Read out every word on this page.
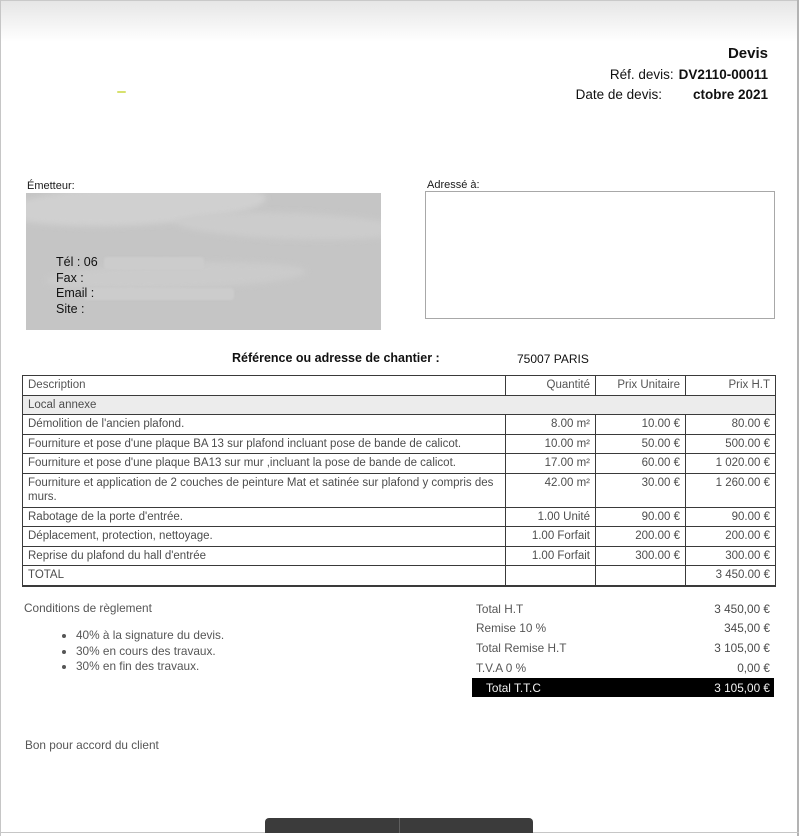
Devis
Réf. devis: DV2110-00011
Date de devis: ctobre 2021
Émetteur:
Tél : 06
Fax :
Email :
Site :
Adressé à:
Référence ou adresse de chantier :	75007 PARIS
Description	Quantité	Prix Unitaire	Prix H.T
Local annexe			
Démolition de l'ancien plafond.	8.00 m²	10.00 €	80.00 €
Fourniture et pose d'une plaque BA 13 sur plafond incluant pose de bande de calicot.	10.00 m²	50.00 €	500.00 €
Fourniture et pose d'une plaque BA13 sur mur ,incluant la pose de bande de calicot.	17.00 m²	60.00 €	1 020.00 €
Fourniture et application de 2 couches de peinture Mat et satinée sur plafond y compris des murs.	42.00 m²	30.00 €	1 260.00 €
Rabotage de la porte d'entrée.	1.00 Unité	90.00 €	90.00 €
Déplacement, protection, nettoyage.	1.00 Forfait	200.00 €	200.00 €
Reprise du plafond du hall d'entrée	1.00 Forfait	300.00 €	300.00 €
TOTAL			3 450.00 €
Conditions de règlement
• 40% à la signature du devis.
• 30% en cours des travaux.
• 30% en fin des travaux.
Total H.T	3 450,00 €
Remise 10 %	345,00 €
Total Remise H.T	3 105,00 €
T.V.A 0 %	0,00 €
Total T.T.C	3 105,00 €
Bon pour accord du client
